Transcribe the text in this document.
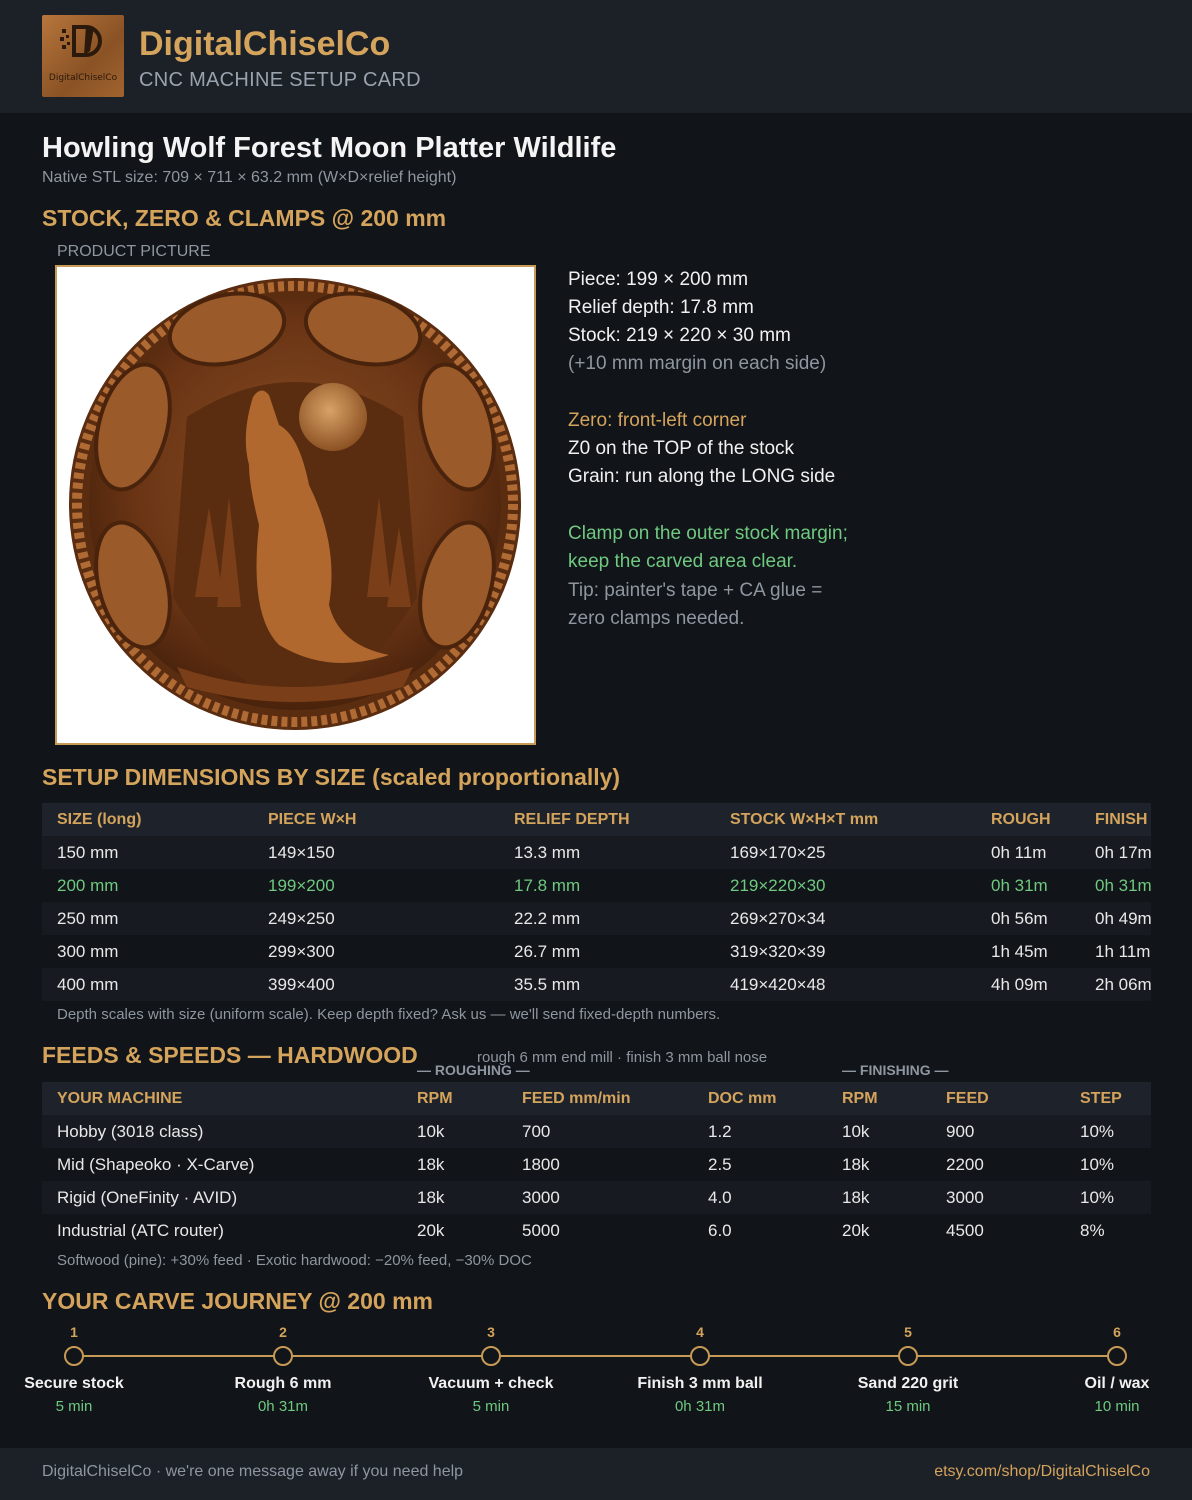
DigitalChiselCo
DigitalChiselCo
CNC MACHINE SETUP CARD
Howling Wolf Forest Moon Platter Wildlife
Native STL size: 709 × 711 × 63.2 mm (W×D×relief height)
STOCK, ZERO & CLAMPS @ 200 mm
PRODUCT PICTURE
Piece: 199 × 200 mm
Relief depth: 17.8 mm
Stock: 219 × 220 × 30 mm
(+10 mm margin on each side)
Zero: front-left corner
Z0 on the TOP of the stock
Grain: run along the LONG side
Clamp on the outer stock margin;
keep the carved area clear.
Tip: painter's tape + CA glue =
zero clamps needed.
SETUP DIMENSIONS BY SIZE (scaled proportionally)
SIZE (long)	PIECE W×H	RELIEF DEPTH	STOCK W×H×T mm	ROUGH	FINISH
150 mm	149×150	13.3 mm	169×170×25	0h 11m	0h 17m
200 mm	199×200	17.8 mm	219×220×30	0h 31m	0h 31m
250 mm	249×250	22.2 mm	269×270×34	0h 56m	0h 49m
300 mm	299×300	26.7 mm	319×320×39	1h 45m	1h 11m
400 mm	399×400	35.5 mm	419×420×48	4h 09m	2h 06m
Depth scales with size (uniform scale). Keep depth fixed? Ask us — we'll send fixed-depth numbers.
FEEDS & SPEEDS — HARDWOOD	rough 6 mm end mill · finish 3 mm ball nose
— ROUGHING —	— FINISHING —
YOUR MACHINE	RPM	FEED mm/min	DOC mm	RPM	FEED	STEP
Hobby (3018 class)	10k	700	1.2	10k	900	10%
Mid (Shapeoko · X-Carve)	18k	1800	2.5	18k	2200	10%
Rigid (OneFinity · AVID)	18k	3000	4.0	18k	3000	10%
Industrial (ATC router)	20k	5000	6.0	20k	4500	8%
Softwood (pine): +30% feed · Exotic hardwood: −20% feed, −30% DOC
YOUR CARVE JOURNEY @ 200 mm
1
Secure stock
5 min
2
Rough 6 mm
0h 31m
3
Vacuum + check
5 min
4
Finish 3 mm ball
0h 31m
5
Sand 220 grit
15 min
6
Oil / wax
10 min
DigitalChiselCo · we're one message away if you need help	etsy.com/shop/DigitalChiselCo
